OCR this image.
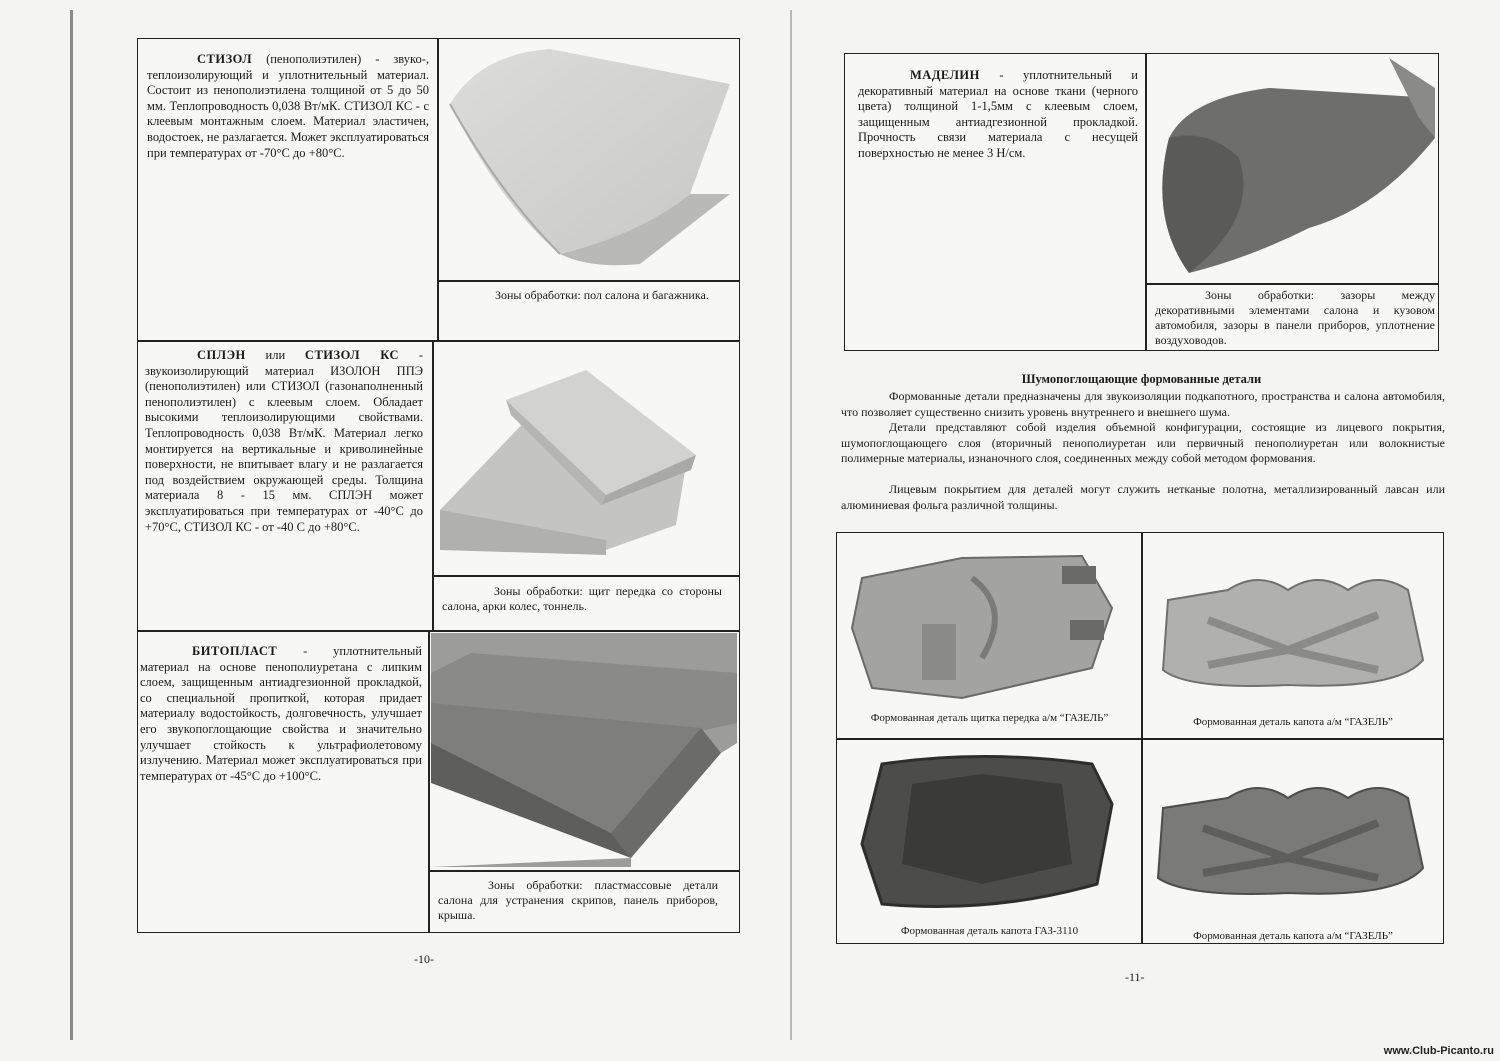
СТИЗОЛ (пенополиэтилен) - звуко-, теплоизолирующий и уплотнительный материал. Состоит из пенополиэтилена толщиной от 5 до 50 мм. Теплопроводность 0,038 Вт/мК. СТИЗОЛ КС - с клеевым монтажным слоем. Материал эластичен, водостоек, не разлагается. Может эксплуатироваться при температурах от -70°С до +80°С.
Зоны обработки: пол салона и багажника.
СПЛЭН или СТИЗОЛ КС - звукоизолирующий материал ИЗОЛОН ППЭ (пенополиэтилен) или СТИЗОЛ (газонаполненный пенополиэтилен) с клеевым слоем. Обладает высокими теплоизолирующими свойствами. Теплопроводность 0,038 Вт/мК. Материал легко монтируется на вертикальные и криволинейные поверхности, не впитывает влагу и не разлагается под воздействием окружающей среды. Толщина материала 8 - 15 мм. СПЛЭН может эксплуатироваться при температурах от -40°С до +70°С, СТИЗОЛ КС - от -40 С до +80°С.
Зоны обработки: щит передка со стороны салона, арки колес, тоннель.
БИТОПЛАСТ - уплотнительный материал на основе пенополиуретана с липким слоем, защищенным антиадгезионной прокладкой, со специальной пропиткой, которая придает материалу водостойкость, долговечность, улучшает его звукопоглощающие свойства и значительно улучшает стойкость к ультрафиолетовому излучению. Материал может эксплуатироваться при температурах от -45°С до +100°С.
Зоны обработки: пластмассовые детали салона для устранения скрипов, панель приборов, крыша.
-10-
МАДЕЛИН - уплотнительный и декоративный материал на основе ткани (черного цвета) толщиной 1-1,5мм с клеевым слоем, защищенным антиадгезионной прокладкой. Прочность связи материала с несущей поверхностью не менее 3 Н/см.
Зоны обработки: зазоры между декоративными элементами салона и кузовом автомобиля, зазоры в панели приборов, уплотнение воздуховодов.
Шумопоглощающие формованные детали
Формованные детали предназначены для звукоизоляции подкапотного, пространства и салона автомобиля, что позволяет существенно снизить уровень внутреннего и внешнего шума.
Детали представляют собой изделия объемной конфигурации, состоящие из лицевого покрытия, шумопоглощающего слоя (вторичный пенополиуретан или первичный пенополиуретан или волокнистые полимерные материалы, изнаночного слоя, соединенных между собой методом формования.
Лицевым покрытием для деталей могут служить нетканые полотна, металлизированный лавсан или алюминиевая фольга различной толщины.
Формованная деталь щитка передка а/м “ГАЗЕЛЬ”	Формованная деталь капота а/м “ГАЗЕЛЬ”
Формованная деталь капота ГАЗ-3110	Формованная деталь капота а/м “ГАЗЕЛЬ”
-11-
www.Club-Picanto.ru
